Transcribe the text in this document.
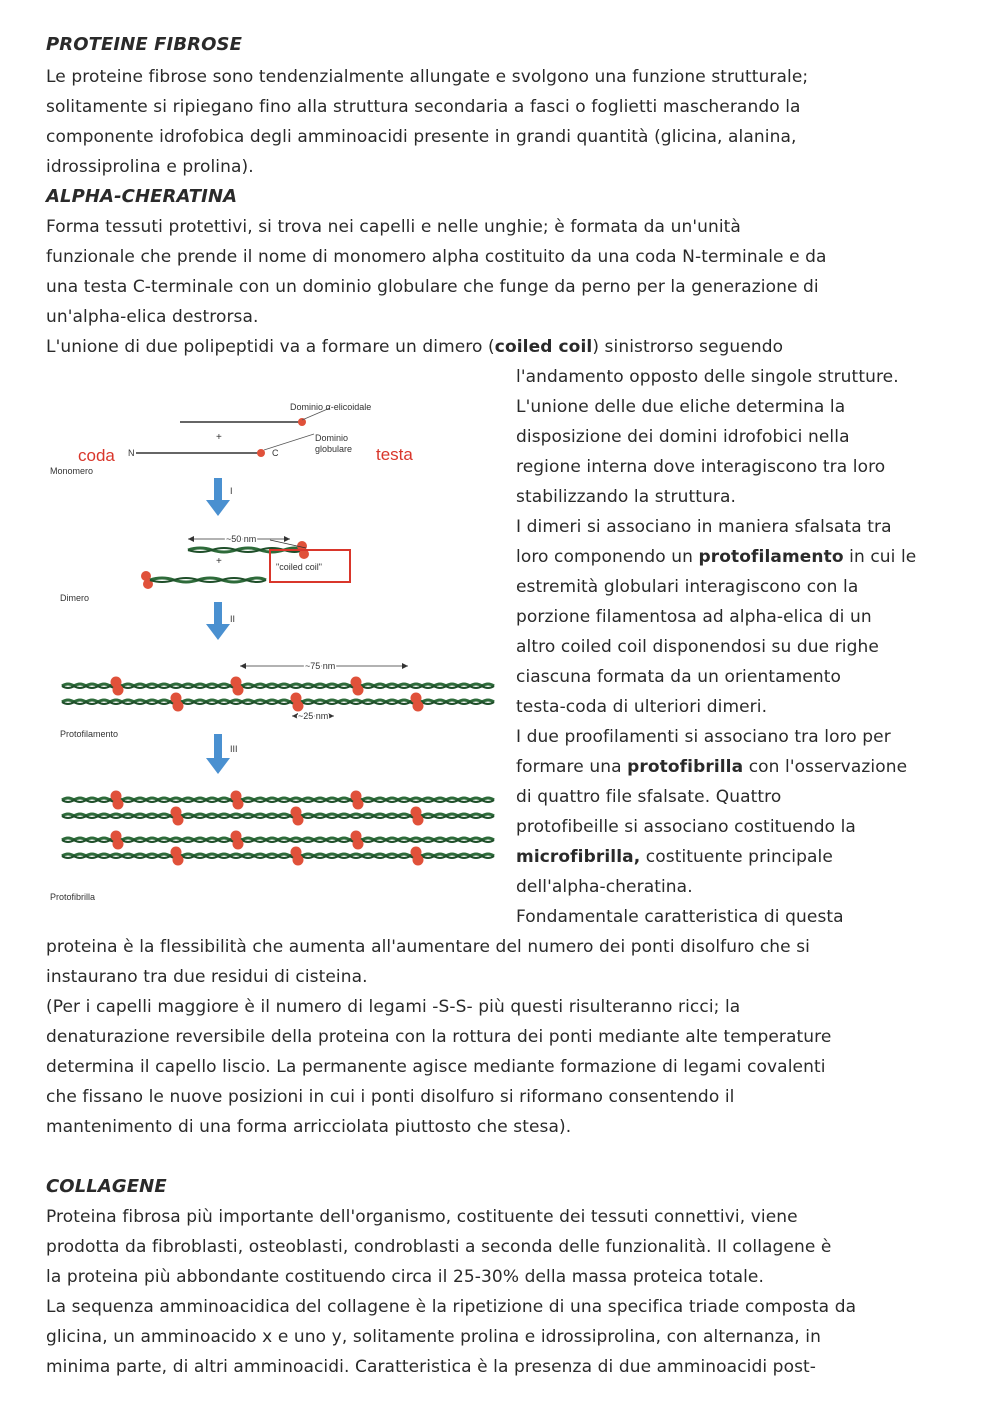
PROTEINE FIBROSE
Le proteine fibrose sono tendenzialmente allungate e svolgono una funzione strutturale;
solitamente si ripiegano fino alla struttura secondaria a fasci o foglietti mascherando la
componente idrofobica degli amminoacidi presente in grandi quantità (glicina, alanina,
idrossiprolina e prolina).
ALPHA-CHERATINA
Forma tessuti protettivi, si trova nei capelli e nelle unghie; è formata da un'unità
funzionale che prende il nome di monomero alpha costituito da una coda N-terminale e da
una testa C-terminale con un dominio globulare che funge da perno per la generazione di
un'alpha-elica destrorsa.
L'unione di due polipeptidi va a formare un dimero (coiled coil) sinistrorso seguendo
l'andamento opposto delle singole strutture.
L'unione delle due eliche determina la
disposizione dei domini idrofobici nella
regione interna dove interagiscono tra loro
stabilizzando la struttura.
I dimeri si associano in maniera sfalsata tra
loro componendo un protofilamento in cui le
estremità globulari interagiscono con la
porzione filamentosa ad alpha-elica di un
altro coiled coil disponendosi su due righe
ciascuna formata da un orientamento
testa-coda di ulteriori dimeri.
I due proofilamenti si associano tra loro per
formare una protofibrilla con l'osservazione
di quattro file sfalsate. Quattro
protofibeille si associano costituendo la
microfibrilla, costituente principale
dell'alpha-cheratina.
Fondamentale caratteristica di questa
proteina è la flessibilità che aumenta all'aumentare del numero dei ponti disolfuro che si
instaurano tra due residui di cisteina.
(Per i capelli maggiore è il numero di legami -S-S- più questi risulteranno ricci; la
denaturazione reversibile della proteina con la rottura dei ponti mediante alte temperature
determina il capello liscio. La permanente agisce mediante formazione di legami covalenti
che fissano le nuove posizioni in cui i ponti disolfuro si riformano consentendo il
mantenimento di una forma arricciolata piuttosto che stesa).
COLLAGENE
Proteina fibrosa più importante dell'organismo, costituente dei tessuti connettivi, viene
prodotta da fibroblasti, osteoblasti, condroblasti a seconda delle funzionalità. Il collagene è
la proteina più abbondante costituendo circa il 25-30% della massa proteica totale.
La sequenza amminoacidica del collagene è la ripetizione di una specifica triade composta da
glicina, un amminoacido x e uno y, solitamente prolina e idrossiprolina, con alternanza, in
minima parte, di altri amminoacidi. Caratteristica è la presenza di due amminoacidi post-
Dominio α-elicoidale
+
coda N	C
Dominio
globulare testa
Monomero
I
~50 nm
+	"coiled coil"
Dimero
II
~75 nm
~25 nm
Protofilamento
III
Protofibrilla
